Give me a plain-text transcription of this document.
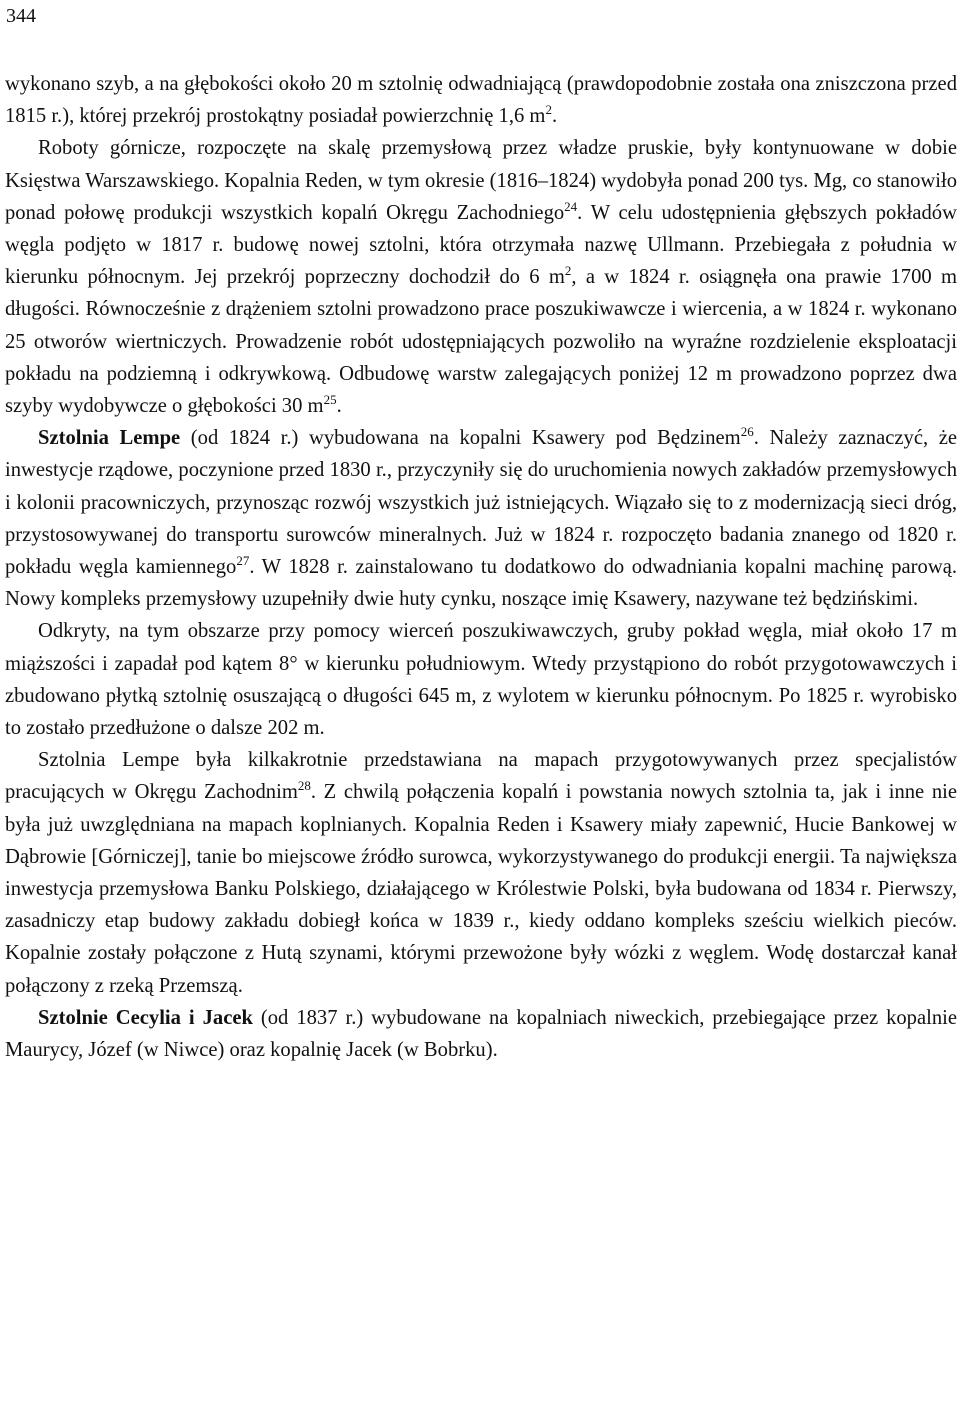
344

wykonano szyb, a na głębokości około 20 m sztolnię odwadniającą (prawdopodobnie została ona zniszczona przed 1815 r.), której przekrój prostokątny posiadał powierzchnię 1,6 $m^2$.

Roboty górnicze, rozpoczęte na skalę przemysłową przez władze pruskie, były kontynuowane w dobie Księstwa Warszawskiego. Kopalnia Reden, w tym okresie (1816–1824) wydobyła ponad 200 tys. Mg, co stanowiło ponad połowę produkcji wszystkich kopalń Okręgu Zachodniego$^{24}$. W celu udostępnienia głębszych pokładów węgla podjęto w 1817 r. budowę nowej sztolni, która otrzymała nazwę Ullmann. Przebiegała z południa w kierunku północnym. Jej przekrój poprzeczny dochodził do 6 $m^2$, a w 1824 r. osiągnęła ona prawie 1700 m długości. Równocześnie z drążeniem sztolni prowadzono prace poszukiwawcze i wiercenia, a w 1824 r. wykonano 25 otworów wiertniczych. Prowadzenie robót udostępniających pozwoliło na wyraźne rozdzielenie eksploatacji pokładu na podziemną i odkrywkową. Odbudowę warstw zalegających poniżej 12 m prowadzono poprzez dwa szyby wydobywcze o głębokości 30 $m^{25}$.

Sztolnia Lempe (od 1824 r.) wybudowana na kopalni Ksawery pod Będzinem$^{26}$. Należy zaznaczyć, że inwestycje rządowe, poczynione przed 1830 r., przyczyniły się do uruchomienia nowych zakładów przemysłowych i kolonii pracowniczych, przynosząc rozwój wszystkich już istniejących. Wiązało się to z modernizacją sieci dróg, przystosowywanej do transportu surowców mineralnych. Już w 1824 r. rozpoczęto badania znanego od 1820 r. pokładu węgla kamiennego$^{27}$. W 1828 r. zainstalowano tu dodatkowo do odwadniania kopalni machinę parową. Nowy kompleks przemysłowy uzupełniły dwie huty cynku, noszące imię Ksawery, nazywane też będzińskimi.

Odkryty, na tym obszarze przy pomocy wierceń poszukiwawczych, gruby pokład węgla, miał około 17 m miąższości i zapadał pod kątem 8° w kierunku południowym. Wtedy przystąpiono do robót przygotowawczych i zbudowano płytką sztolnię osuszającą o długości 645 m, z wylotem w kierunku północnym. Po 1825 r. wyrobisko to zostało przedłużone o dalsze 202 m.

Sztolnia Lempe była kilkakrotnie przedstawiana na mapach przygotowywanych przez specjalistów pracujących w Okręgu Zachodnim$^{28}$. Z chwilą połączenia kopalń i powstania nowych sztolnia ta, jak i inne nie była już uwzględniana na mapach koplnianych. Kopalnia Reden i Ksawery miały zapewnić, Hucie Bankowej w Dąbrowie [Górniczej], tanie bo miejscowe źródło surowca, wykorzystywanego do produkcji energii. Ta największa inwestycja przemysłowa Banku Polskiego, działającego w Królestwie Polski, była budowana od 1834 r. Pierwszy, zasadniczy etap budowy zakładu dobiegł końca w 1839 r., kiedy oddano kompleks sześciu wielkich pieców. Kopalnie zostały połączone z Hutą szynami, którymi przewożone były wózki z węglem. Wodę dostarczał kanał połączony z rzeką Przemszą.

Sztolnie Cecylia i Jacek (od 1837 r.) wybudowane na kopalniach niweckich, przebiegające przez kopalnie Maurycy, Józef (w Niwce) oraz kopalnię Jacek (w Bobrku).
